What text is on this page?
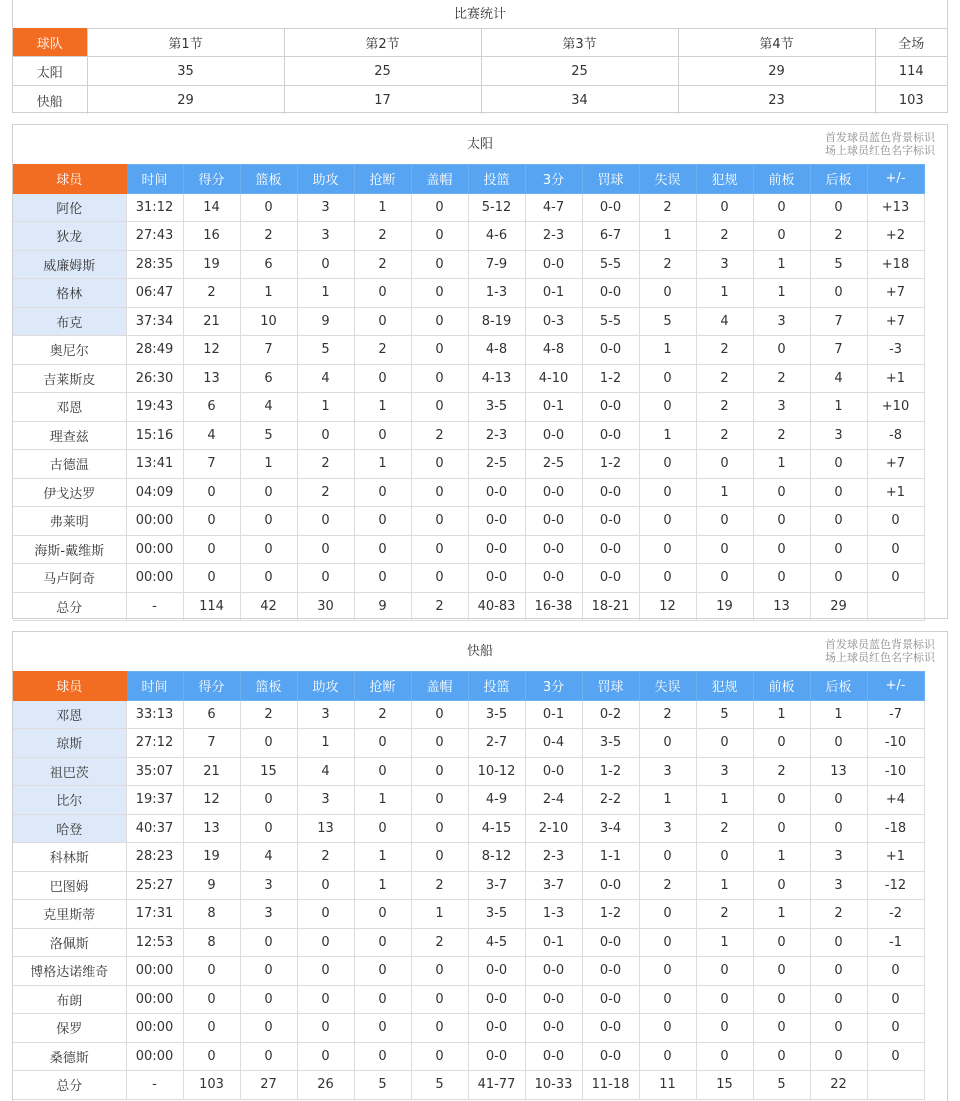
比赛统计
球队	第1节	第2节	第3节	第4节	全场
太阳	35	25	25	29	114
快船	29	17	34	23	103
太阳	首发球员蓝色背景标识
场上球员红色名字标识
球员	时间	得分	篮板	助攻	抢断	盖帽	投篮	3分	罚球	失误	犯规	前板	后板	+/-
阿伦	31:12	14	0	3	1	0	5-12	4-7	0-0	2	0	0	0	+13
狄龙	27:43	16	2	3	2	0	4-6	2-3	6-7	1	2	0	2	+2
威廉姆斯	28:35	19	6	0	2	0	7-9	0-0	5-5	2	3	1	5	+18
格林	06:47	2	1	1	0	0	1-3	0-1	0-0	0	1	1	0	+7
布克	37:34	21	10	9	0	0	8-19	0-3	5-5	5	4	3	7	+7
奥尼尔	28:49	12	7	5	2	0	4-8	4-8	0-0	1	2	0	7	-3
吉莱斯皮	26:30	13	6	4	0	0	4-13	4-10	1-2	0	2	2	4	+1
邓恩	19:43	6	4	1	1	0	3-5	0-1	0-0	0	2	3	1	+10
理查兹	15:16	4	5	0	0	2	2-3	0-0	0-0	1	2	2	3	-8
古德温	13:41	7	1	2	1	0	2-5	2-5	1-2	0	0	1	0	+7
伊戈达罗	04:09	0	0	2	0	0	0-0	0-0	0-0	0	1	0	0	+1
弗莱明	00:00	0	0	0	0	0	0-0	0-0	0-0	0	0	0	0	0
海斯-戴维斯	00:00	0	0	0	0	0	0-0	0-0	0-0	0	0	0	0	0
马卢阿奇	00:00	0	0	0	0	0	0-0	0-0	0-0	0	0	0	0	0
总分	-	114	42	30	9	2	40-83	16-38	18-21	12	19	13	29	
快船	首发球员蓝色背景标识
场上球员红色名字标识
球员	时间	得分	篮板	助攻	抢断	盖帽	投篮	3分	罚球	失误	犯规	前板	后板	+/-
邓恩	33:13	6	2	3	2	0	3-5	0-1	0-2	2	5	1	1	-7
琼斯	27:12	7	0	1	0	0	2-7	0-4	3-5	0	0	0	0	-10
祖巴茨	35:07	21	15	4	0	0	10-12	0-0	1-2	3	3	2	13	-10
比尔	19:37	12	0	3	1	0	4-9	2-4	2-2	1	1	0	0	+4
哈登	40:37	13	0	13	0	0	4-15	2-10	3-4	3	2	0	0	-18
科林斯	28:23	19	4	2	1	0	8-12	2-3	1-1	0	0	1	3	+1
巴图姆	25:27	9	3	0	1	2	3-7	3-7	0-0	2	1	0	3	-12
克里斯蒂	17:31	8	3	0	0	1	3-5	1-3	1-2	0	2	1	2	-2
洛佩斯	12:53	8	0	0	0	2	4-5	0-1	0-0	0	1	0	0	-1
博格达诺维奇	00:00	0	0	0	0	0	0-0	0-0	0-0	0	0	0	0	0
布朗	00:00	0	0	0	0	0	0-0	0-0	0-0	0	0	0	0	0
保罗	00:00	0	0	0	0	0	0-0	0-0	0-0	0	0	0	0	0
桑德斯	00:00	0	0	0	0	0	0-0	0-0	0-0	0	0	0	0	0
总分	-	103	27	26	5	5	41-77	10-33	11-18	11	15	5	22	
